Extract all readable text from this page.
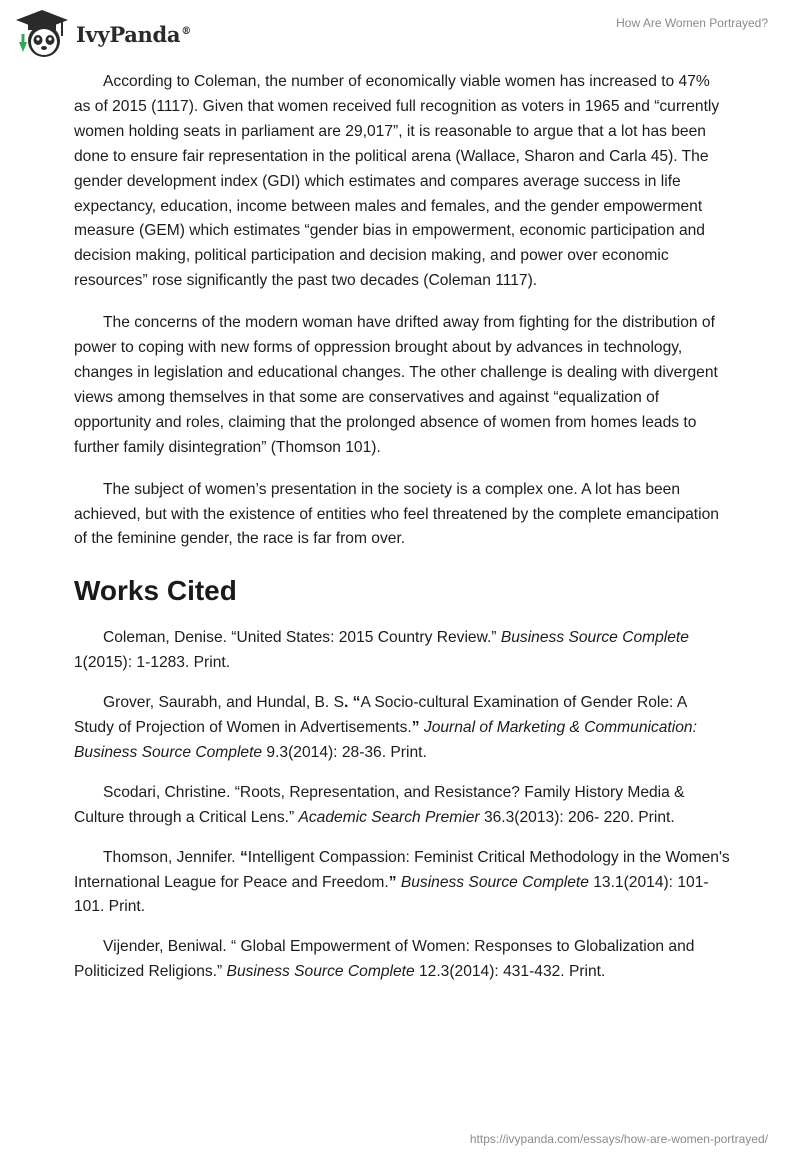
IvyPanda®
How Are Women Portrayed?

According to Coleman, the number of economically viable women has increased to 47% as of 2015 (1117). Given that women received full recognition as voters in 1965 and “currently women holding seats in parliament are 29,017”, it is reasonable to argue that a lot has been done to ensure fair representation in the political arena (Wallace, Sharon and Carla 45). The gender development index (GDI) which estimates and compares average success in life expectancy, education, income between males and females, and the gender empowerment measure (GEM) which estimates “gender bias in empowerment, economic participation and decision making, political participation and decision making, and power over economic resources” rose significantly the past two decades (Coleman 1117).

The concerns of the modern woman have drifted away from fighting for the distribution of power to coping with new forms of oppression brought about by advances in technology, changes in legislation and educational changes. The other challenge is dealing with divergent views among themselves in that some are conservatives and against “equalization of opportunity and roles, claiming that the prolonged absence of women from homes leads to further family disintegration” (Thomson 101).

The subject of women’s presentation in the society is a complex one. A lot has been achieved, but with the existence of entities who feel threatened by the complete emancipation of the feminine gender, the race is far from over.

Works Cited

Coleman, Denise. “United States: 2015 Country Review.” Business Source Complete 1(2015): 1-1283. Print.

Grover, Saurabh, and Hundal, B. S. “A Socio-cultural Examination of Gender Role: A Study of Projection of Women in Advertisements.” Journal of Marketing & Communication: Business Source Complete 9.3(2014): 28-36. Print.

Scodari, Christine. “Roots, Representation, and Resistance? Family History Media & Culture through a Critical Lens.” Academic Search Premier 36.3(2013): 206- 220. Print.

Thomson, Jennifer. “Intelligent Compassion: Feminist Critical Methodology in the Women's International League for Peace and Freedom.” Business Source Complete 13.1(2014): 101-101. Print.

Vijender, Beniwal. “ Global Empowerment of Women: Responses to Globalization and Politicized Religions.” Business Source Complete 12.3(2014): 431-432. Print.

https://ivypanda.com/essays/how-are-women-portrayed/
